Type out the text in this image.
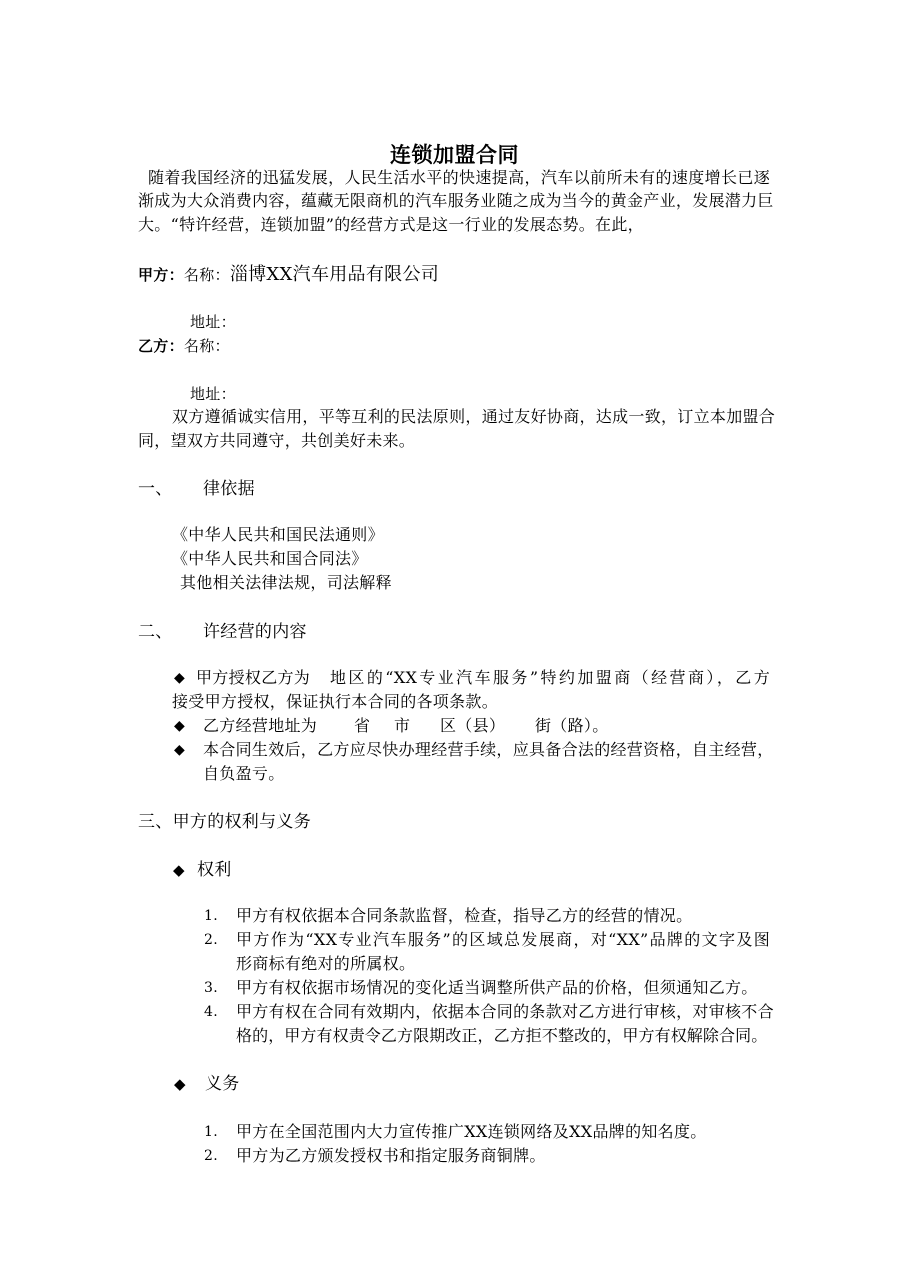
连锁加盟合同
随着我国经济的迅猛发展，人民生活水平的快速提高，汽车以前所未有的速度增长已逐
渐成为大众消费内容，蕴藏无限商机的汽车服务业随之成为当今的黄金产业，发展潜力巨
大。“特许经营，连锁加盟”的经营方式是这一行业的发展态势。在此，
甲方：名称：淄博XX汽车用品有限公司
地址：
乙方：名称：
地址：
双方遵循诚实信用，平等互利的民法原则，通过友好协商，达成一致，订立本加盟合
同，望双方共同遵守，共创美好未来。
一、 律依据
《中华人民共和国民法通则》
《中华人民共和国合同法》
其他相关法律法规，司法解释
二、 许经营的内容
◆ 甲方授权乙方为 地区的“XX专业汽车服务”特约加盟商（经营商），乙方
接受甲方授权，保证执行本合同的各项条款。
◆ 乙方经营地址为 省 市 区（县） 街（路）。
◆ 本合同生效后，乙方应尽快办理经营手续，应具备合法的经营资格，自主经营，
自负盈亏。
三、甲方的权利与义务
◆ 权利
1. 甲方有权依据本合同条款监督，检查，指导乙方的经营的情况。
2. 甲方作为“XX专业汽车服务”的区域总发展商，对“XX”品牌的文字及图
形商标有绝对的所属权。
3. 甲方有权依据市场情况的变化适当调整所供产品的价格，但须通知乙方。
4. 甲方有权在合同有效期内，依据本合同的条款对乙方进行审核，对审核不合
格的，甲方有权责令乙方限期改正，乙方拒不整改的，甲方有权解除合同。
◆ 义务
1. 甲方在全国范围内大力宣传推广XX连锁网络及XX品牌的知名度。
2. 甲方为乙方颁发授权书和指定服务商铜牌。
